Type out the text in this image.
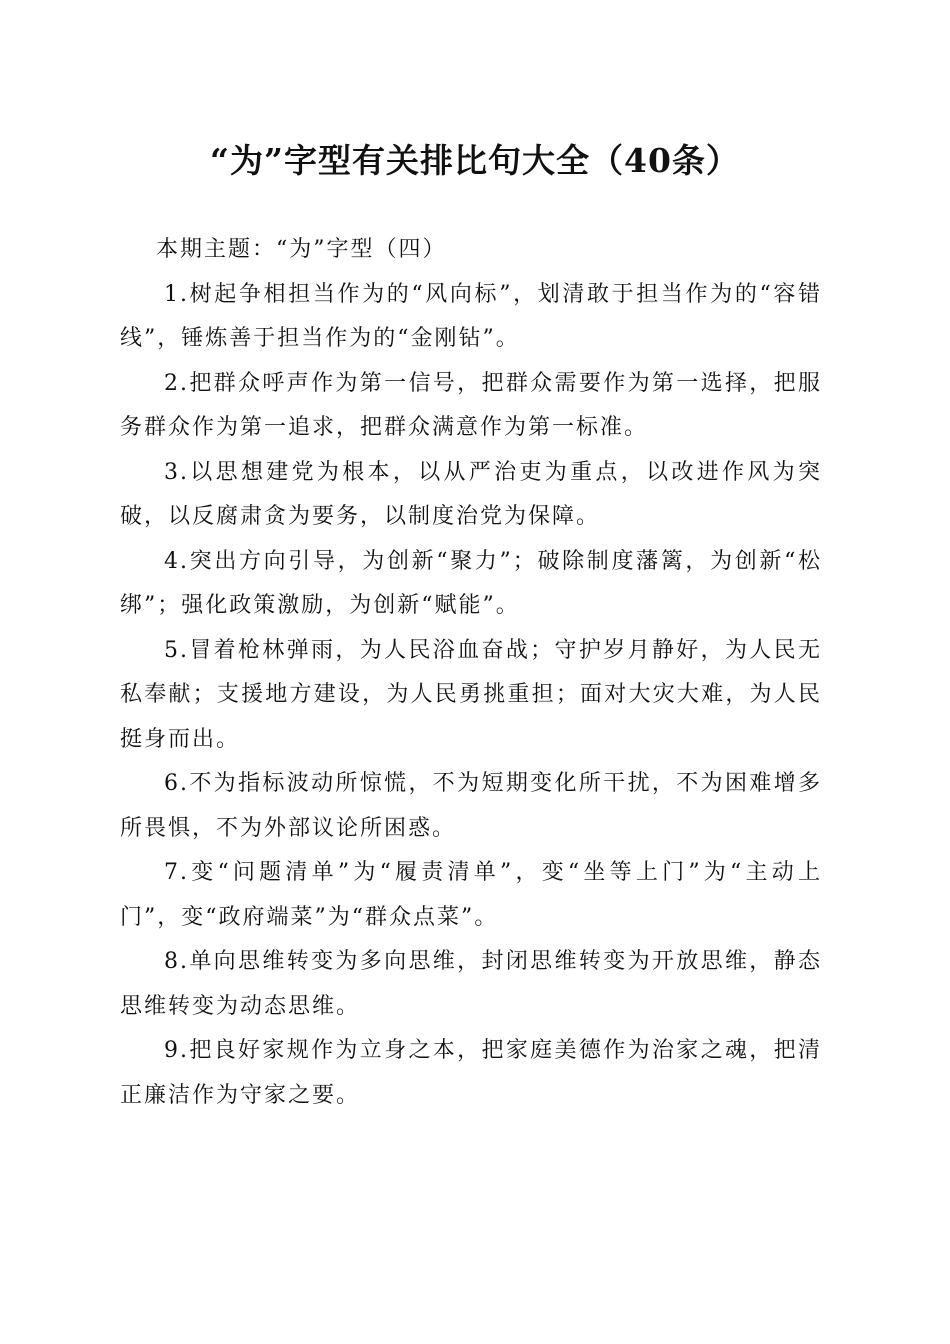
“为”字型有关排比句大全（40条）

本期主题：“为”字型（四）

1.树起争相担当作为的“风向标”，划清敢于担当作为的“容错线”，锤炼善于担当作为的“金刚钻”。

2.把群众呼声作为第一信号，把群众需要作为第一选择，把服务群众作为第一追求，把群众满意作为第一标准。

3.以思想建党为根本，以从严治吏为重点，以改进作风为突破，以反腐肃贪为要务，以制度治党为保障。

4.突出方向引导，为创新“聚力”；破除制度藩篱，为创新“松绑”；强化政策激励，为创新“赋能”。

5.冒着枪林弹雨，为人民浴血奋战；守护岁月静好，为人民无私奉献；支援地方建设，为人民勇挑重担；面对大灾大难，为人民挺身而出。

6.不为指标波动所惊慌，不为短期变化所干扰，不为困难增多所畏惧，不为外部议论所困惑。

7.变“问题清单”为“履责清单”，变“坐等上门”为“主动上门”，变“政府端菜”为“群众点菜”。

8.单向思维转变为多向思维，封闭思维转变为开放思维，静态思维转变为动态思维。

9.把良好家规作为立身之本，把家庭美德作为治家之魂，把清正廉洁作为守家之要。
